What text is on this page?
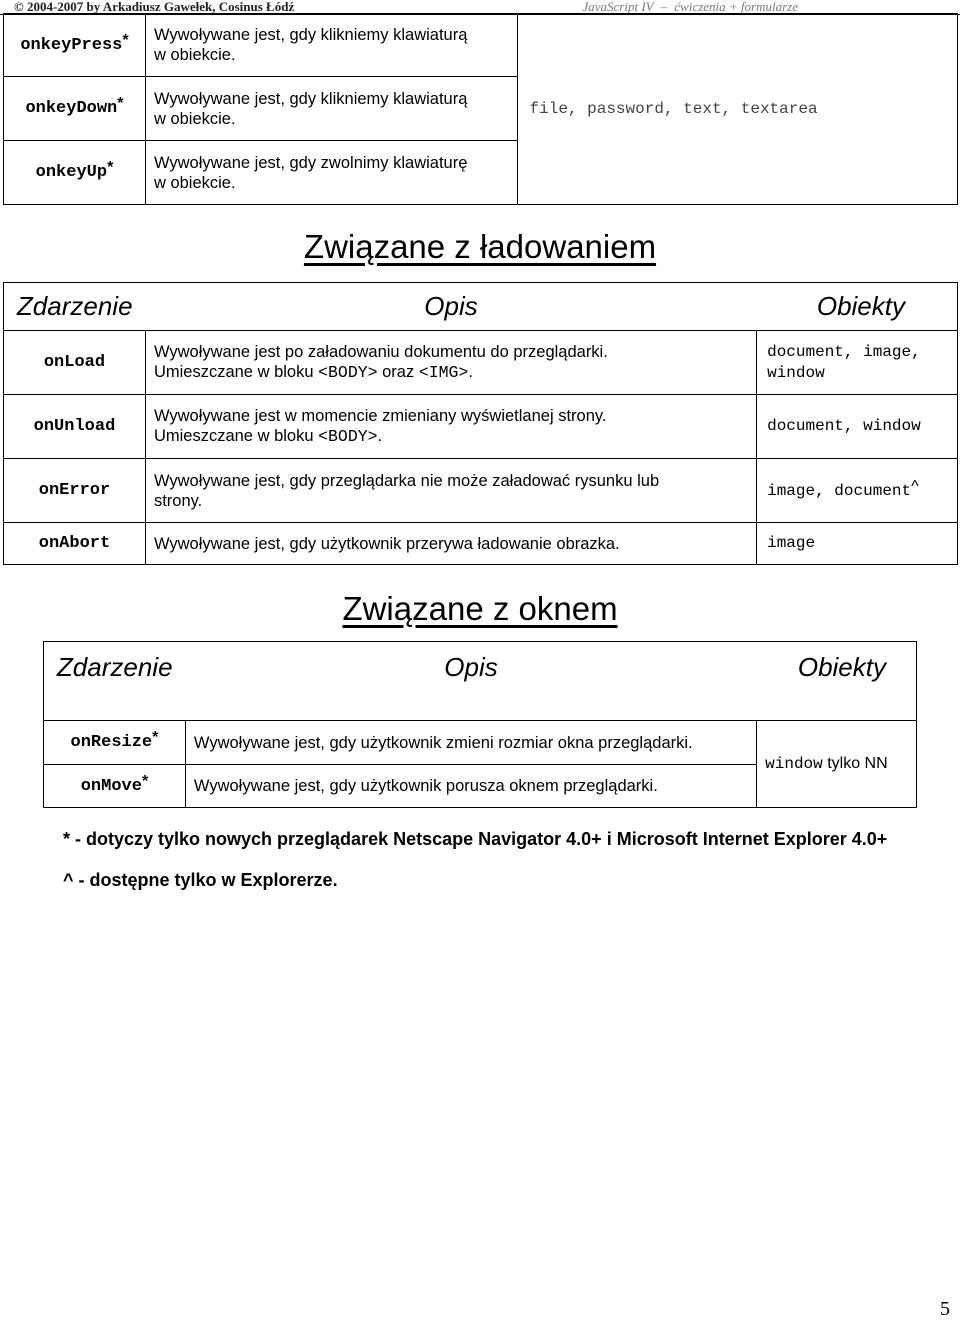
© 2004-2007 by Arkadiusz Gawełek, Cosinus Łódź	JavaScript IV – ćwiczenia + formularze
onkeyPress*	Wywoływane jest, gdy klikniemy klawiaturą
w obiekcie.	file, password, text, textarea
onkeyDown*	Wywoływane jest, gdy klikniemy klawiaturą
w obiekcie.	
onkeyUp*	Wywoływane jest, gdy zwolnimy klawiaturę
w obiekcie.	
Związane z ładowaniem
Zdarzenie	Opis	Obiekty
onLoad	Wywoływane jest po załadowaniu dokumentu do przeglądarki.
Umieszczane w bloku <BODY> oraz <IMG>.	document, image,
window
onUnload	Wywoływane jest w momencie zmieniany wyświetlanej strony.
Umieszczane w bloku <BODY>.	document, window
onError	Wywoływane jest, gdy przeglądarka nie może załadować rysunku lub
strony.	image, document^
onAbort	Wywoływane jest, gdy użytkownik przerywa ładowanie obrazka.	image
Związane z oknem
Zdarzenie	Opis	Obiekty
onResize*	Wywoływane jest, gdy użytkownik zmieni rozmiar okna przeglądarki.	window tylko NN
onMove*	Wywoływane jest, gdy użytkownik porusza oknem przeglądarki.	
* - dotyczy tylko nowych przeglądarek Netscape Navigator 4.0+ i Microsoft Internet Explorer 4.0+
^ - dostępne tylko w Explorerze.
5
